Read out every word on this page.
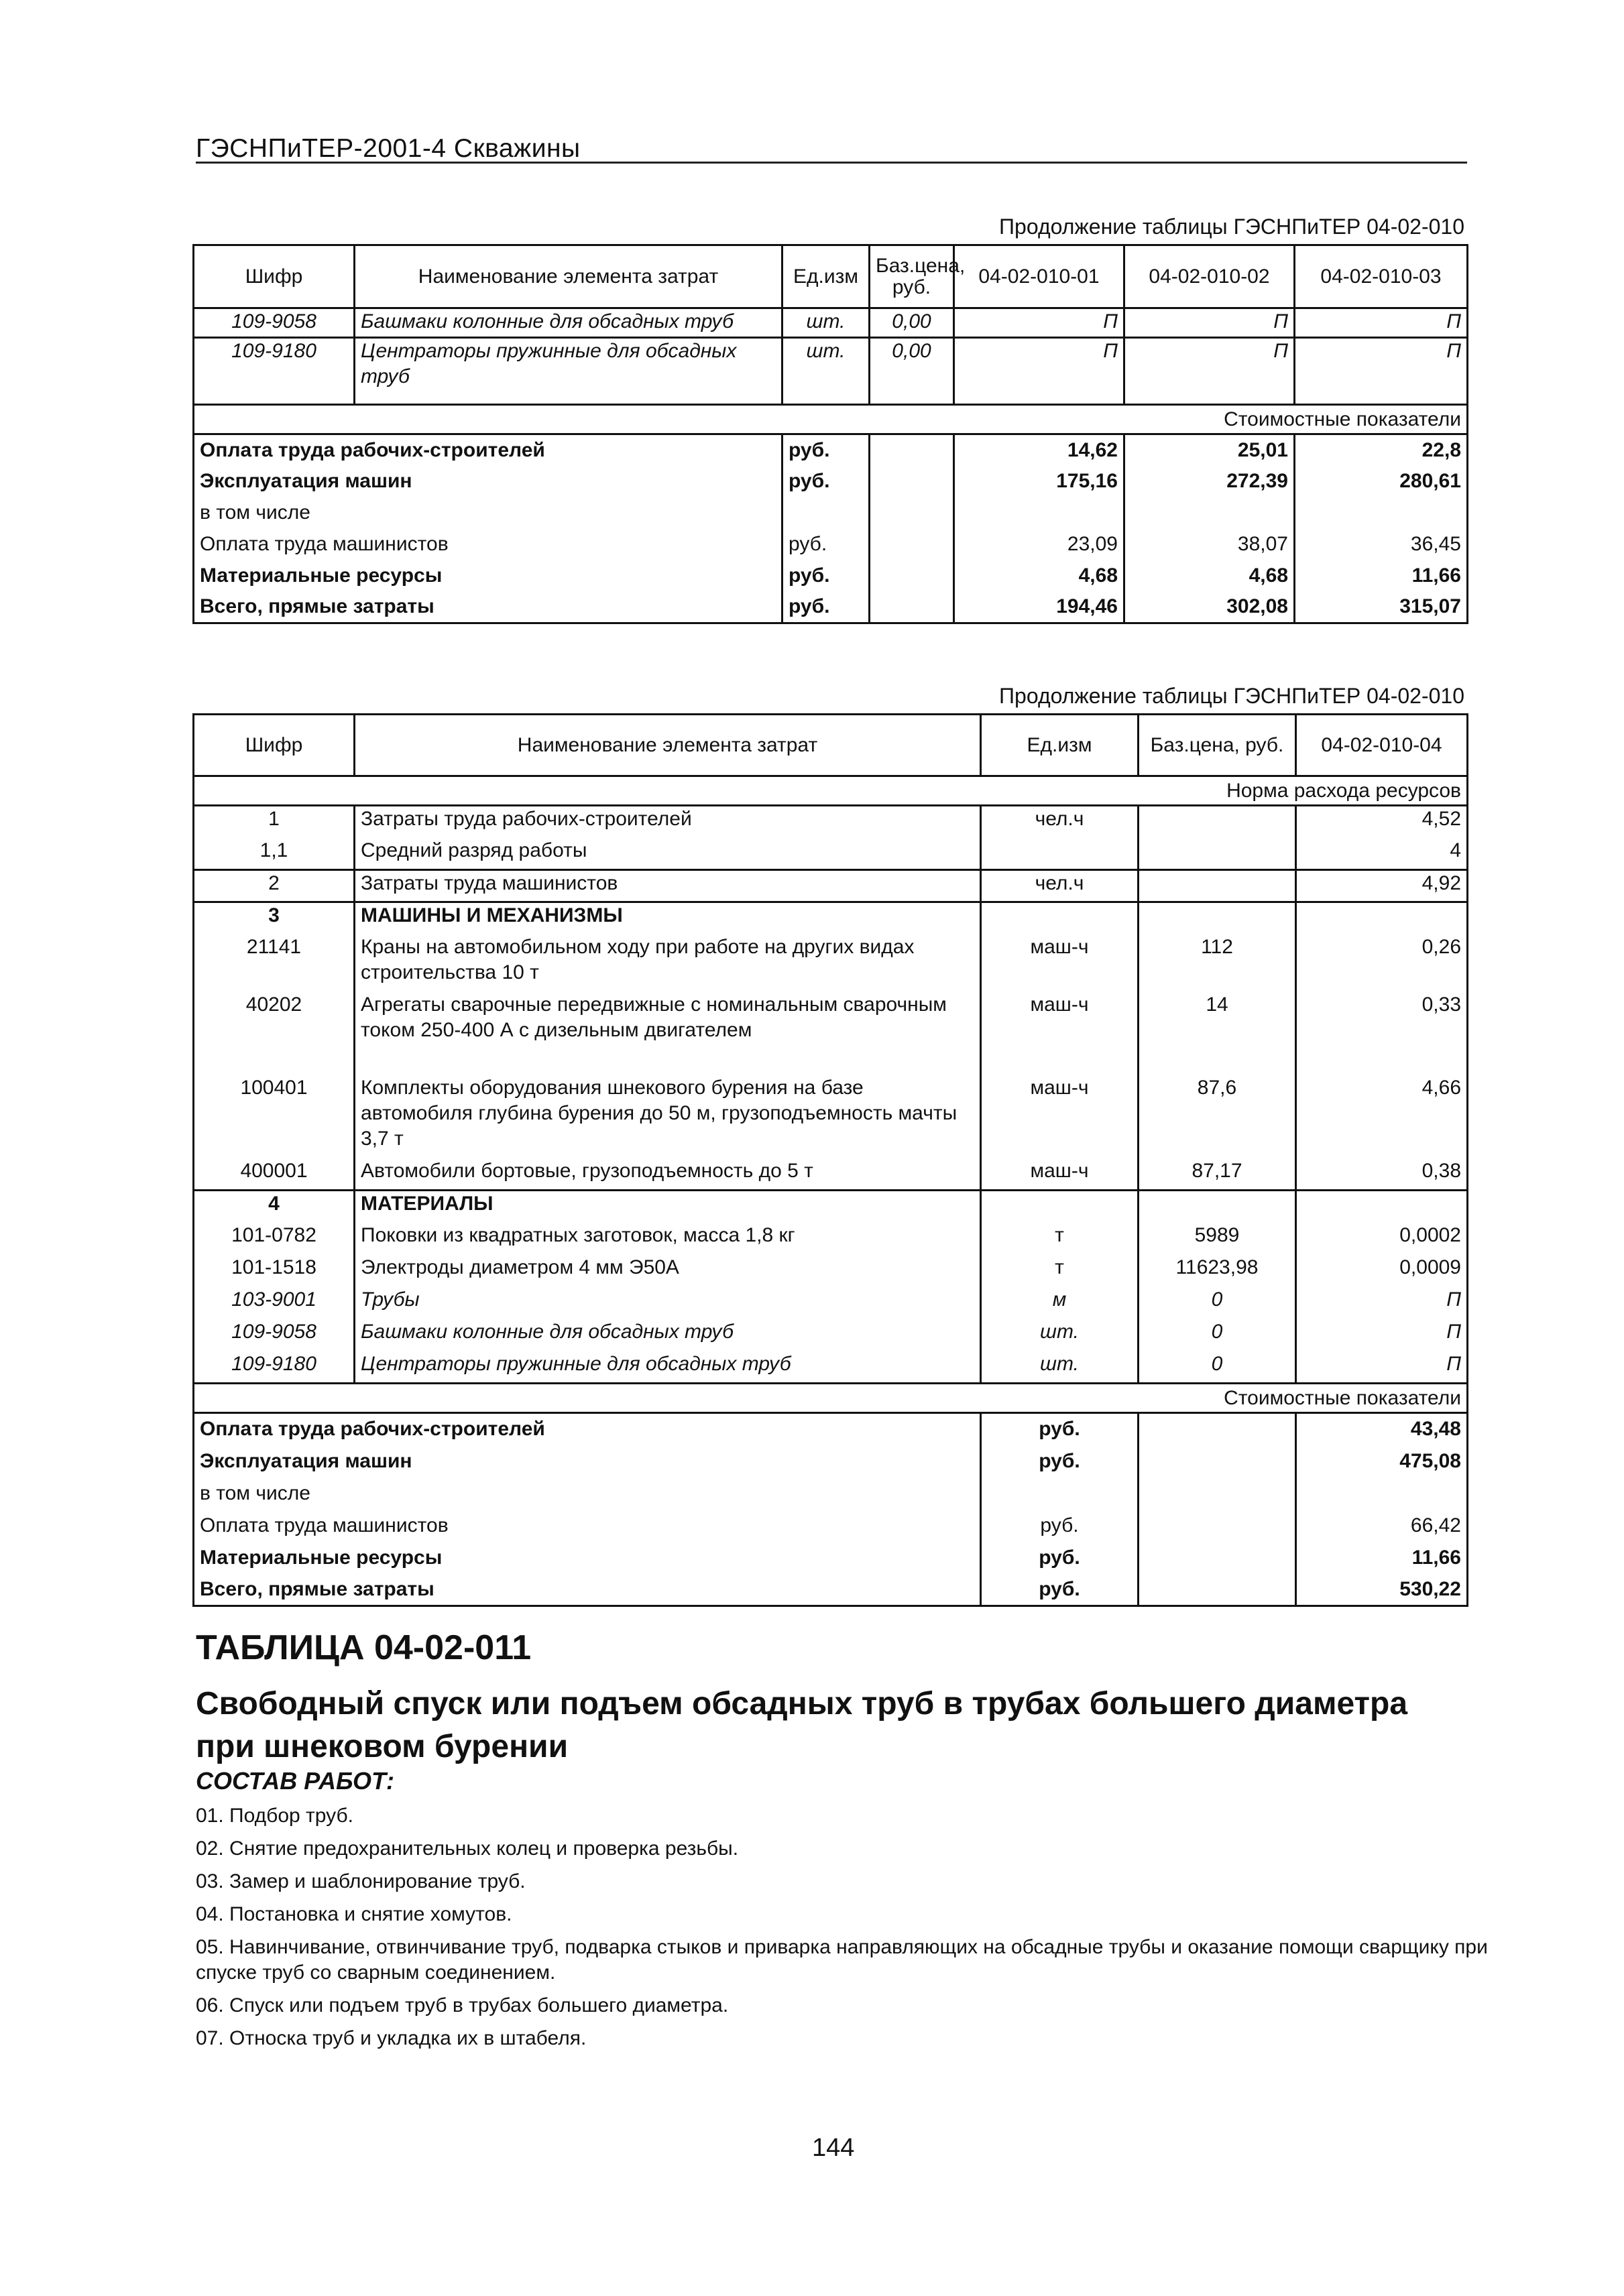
ГЭСНПиТЕР-2001-4 Скважины
Продолжение таблицы ГЭСНПиТЕР 04-02-010
Шифр	Наименование элемента затрат	Ед.изм	Баз.цена, руб.	04-02-010-01	04-02-010-02	04-02-010-03
109-9058	Башмаки колонные для обсадных труб	шт.	0,00	П	П	П
109-9180	Центраторы пружинные для обсадных труб	шт.	0,00	П	П	П
Стоимостные показатели						
Оплата труда рабочих-строителей		руб.		14,62	25,01	22,8
Эксплуатация машин		руб.		175,16	272,39	280,61
в том числе						
Оплата труда машинистов		руб.		23,09	38,07	36,45
Материальные ресурсы		руб.		4,68	4,68	11,66
Всего, прямые затраты		руб.		194,46	302,08	315,07
Продолжение таблицы ГЭСНПиТЕР 04-02-010
Шифр	Наименование элемента затрат	Ед.изм	Баз.цена, руб.	04-02-010-04
Норма расхода ресурсов				
1	Затраты труда рабочих-строителей	чел.ч		4,52
1,1	Средний разряд работы			4
2	Затраты труда машинистов	чел.ч		4,92
3	МАШИНЫ И МЕХАНИЗМЫ			
21141	Краны на автомобильном ходу при работе на других видах строительства 10 т	маш-ч	112	0,26
40202	Агрегаты сварочные передвижные с номинальным сварочным током 250-400 А с дизельным двигателем	маш-ч	14	0,33
100401	Комплекты оборудования шнекового бурения на базе автомобиля глубина бурения до 50 м, грузоподъемность мачты 3,7 т	маш-ч	87,6	4,66
400001	Автомобили бортовые, грузоподъемность до 5 т	маш-ч	87,17	0,38
4	МАТЕРИАЛЫ			
101-0782	Поковки из квадратных заготовок, масса 1,8 кг	т	5989	0,0002
101-1518	Электроды диаметром 4 мм Э50А	т	11623,98	0,0009
103-9001	Трубы	м	0	П
109-9058	Башмаки колонные для обсадных труб	шт.	0	П
109-9180	Центраторы пружинные для обсадных труб	шт.	0	П
Стоимостные показатели				
Оплата труда рабочих-строителей		руб.		43,48
Эксплуатация машин		руб.		475,08
в том числе				
Оплата труда машинистов		руб.		66,42
Материальные ресурсы		руб.		11,66
Всего, прямые затраты		руб.		530,22
ТАБЛИЦА 04-02-011
Свободный спуск или подъем обсадных труб в трубах большего диаметра при шнековом бурении
СОСТАВ РАБОТ:
01. Подбор труб.
02. Снятие предохранительных колец и проверка резьбы.
03. Замер и шаблонирование труб.
04. Постановка и снятие хомутов.
05. Навинчивание, отвинчивание труб, подварка стыков и приварка направляющих на обсадные трубы и оказание помощи сварщику при спуске труб со сварным соединением.
06. Спуск или подъем труб в трубах большего диаметра.
07. Относка труб и укладка их в штабеля.
144
